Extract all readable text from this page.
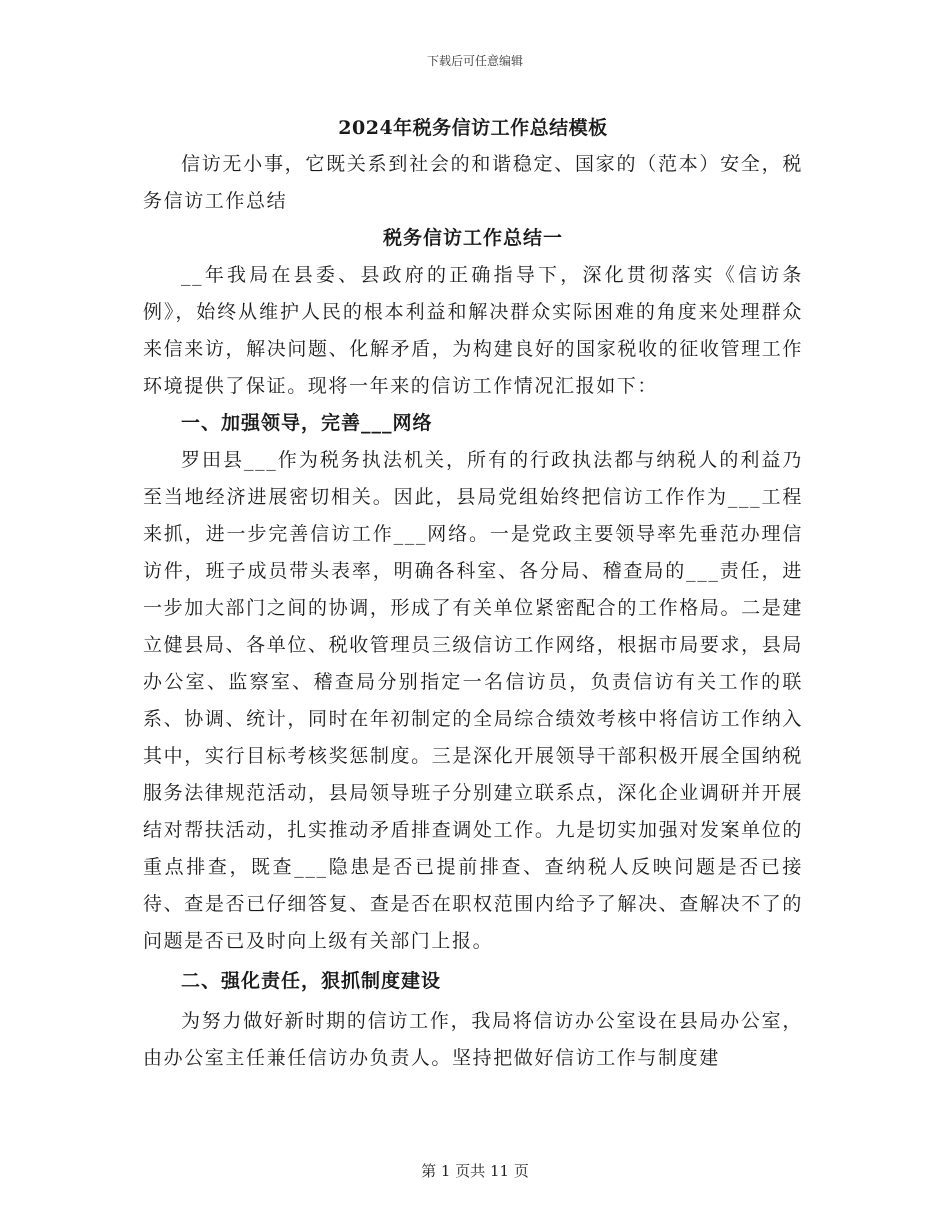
下载后可任意编辑
2024年税务信访工作总结模板

信访无小事，它既关系到社会的和谐稳定、国家的（范本）安全，税务信访工作总结

税务信访工作总结一

__年我局在县委、县政府的正确指导下，深化贯彻落实《信访条例》，始终从维护人民的根本利益和解决群众实际困难的角度来处理群众来信来访，解决问题、化解矛盾，为构建良好的国家税收的征收管理工作环境提供了保证。现将一年来的信访工作情况汇报如下：

一、加强领导，完善___网络

罗田县___作为税务执法机关，所有的行政执法都与纳税人的利益乃至当地经济进展密切相关。因此，县局党组始终把信访工作作为___工程来抓，进一步完善信访工作___网络。一是党政主要领导率先垂范办理信访件，班子成员带头表率，明确各科室、各分局、稽查局的___责任，进一步加大部门之间的协调，形成了有关单位紧密配合的工作格局。二是建立健县局、各单位、税收管理员三级信访工作网络，根据市局要求，县局办公室、监察室、稽查局分别指定一名信访员，负责信访有关工作的联系、协调、统计，同时在年初制定的全局综合绩效考核中将信访工作纳入其中，实行目标考核奖惩制度。三是深化开展领导干部积极开展全国纳税服务法律规范活动，县局领导班子分别建立联系点，深化企业调研并开展结对帮扶活动，扎实推动矛盾排查调处工作。九是切实加强对发案单位的重点排查，既查___隐患是否已提前排查、查纳税人反映问题是否已接待、查是否已仔细答复、查是否在职权范围内给予了解决、查解决不了的问题是否已及时向上级有关部门上报。

二、强化责任，狠抓制度建设

为努力做好新时期的信访工作，我局将信访办公室设在县局办公室，由办公室主任兼任信访办负责人。坚持把做好信访工作与制度建

第 1 页共 11 页
